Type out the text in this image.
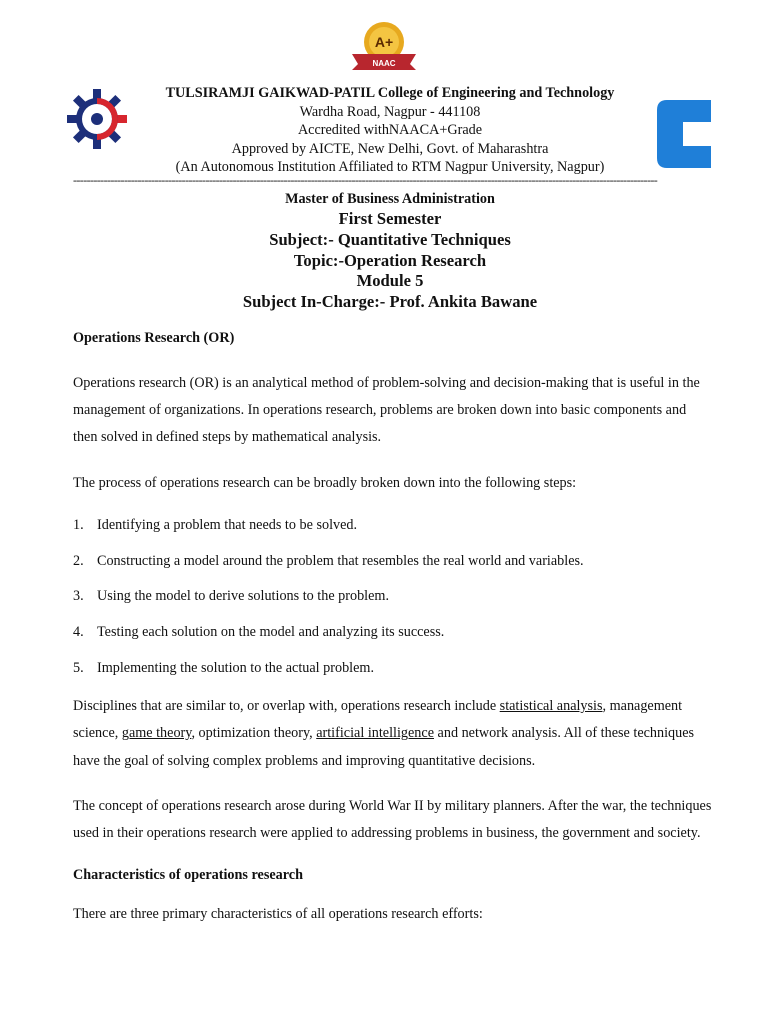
A+
NAAC
TULSIRAMJI GAIKWAD-PATIL College of Engineering and Technology
Wardha Road, Nagpur - 441108
Accredited withNAACA+Grade
Approved by AICTE, New Delhi, Govt. of Maharashtra
(An Autonomous Institution Affiliated to RTM Nagpur University, Nagpur)
----------------------------------------------------------------------------------------------------------------------------------------------------------------------------
Master of Business Administration
First Semester
Subject:- Quantitative Techniques
Topic:-Operation Research
Module 5
Subject In-Charge:- Prof. Ankita Bawane
Operations Research (OR)

Operations research (OR) is an analytical method of problem-solving and decision-making that is useful in the management of organizations. In operations research, problems are broken down into basic components and then solved in defined steps by mathematical analysis.

The process of operations research can be broadly broken down into the following steps:

1. Identifying a problem that needs to be solved.
2. Constructing a model around the problem that resembles the real world and variables.
3. Using the model to derive solutions to the problem.
4. Testing each solution on the model and analyzing its success.
5. Implementing the solution to the actual problem.

Disciplines that are similar to, or overlap with, operations research include statistical analysis, management science, game theory, optimization theory, artificial intelligence and network analysis. All of these techniques have the goal of solving complex problems and improving quantitative decisions.

The concept of operations research arose during World War II by military planners. After the war, the techniques used in their operations research were applied to addressing problems in business, the government and society.

Characteristics of operations research

There are three primary characteristics of all operations research efforts:
